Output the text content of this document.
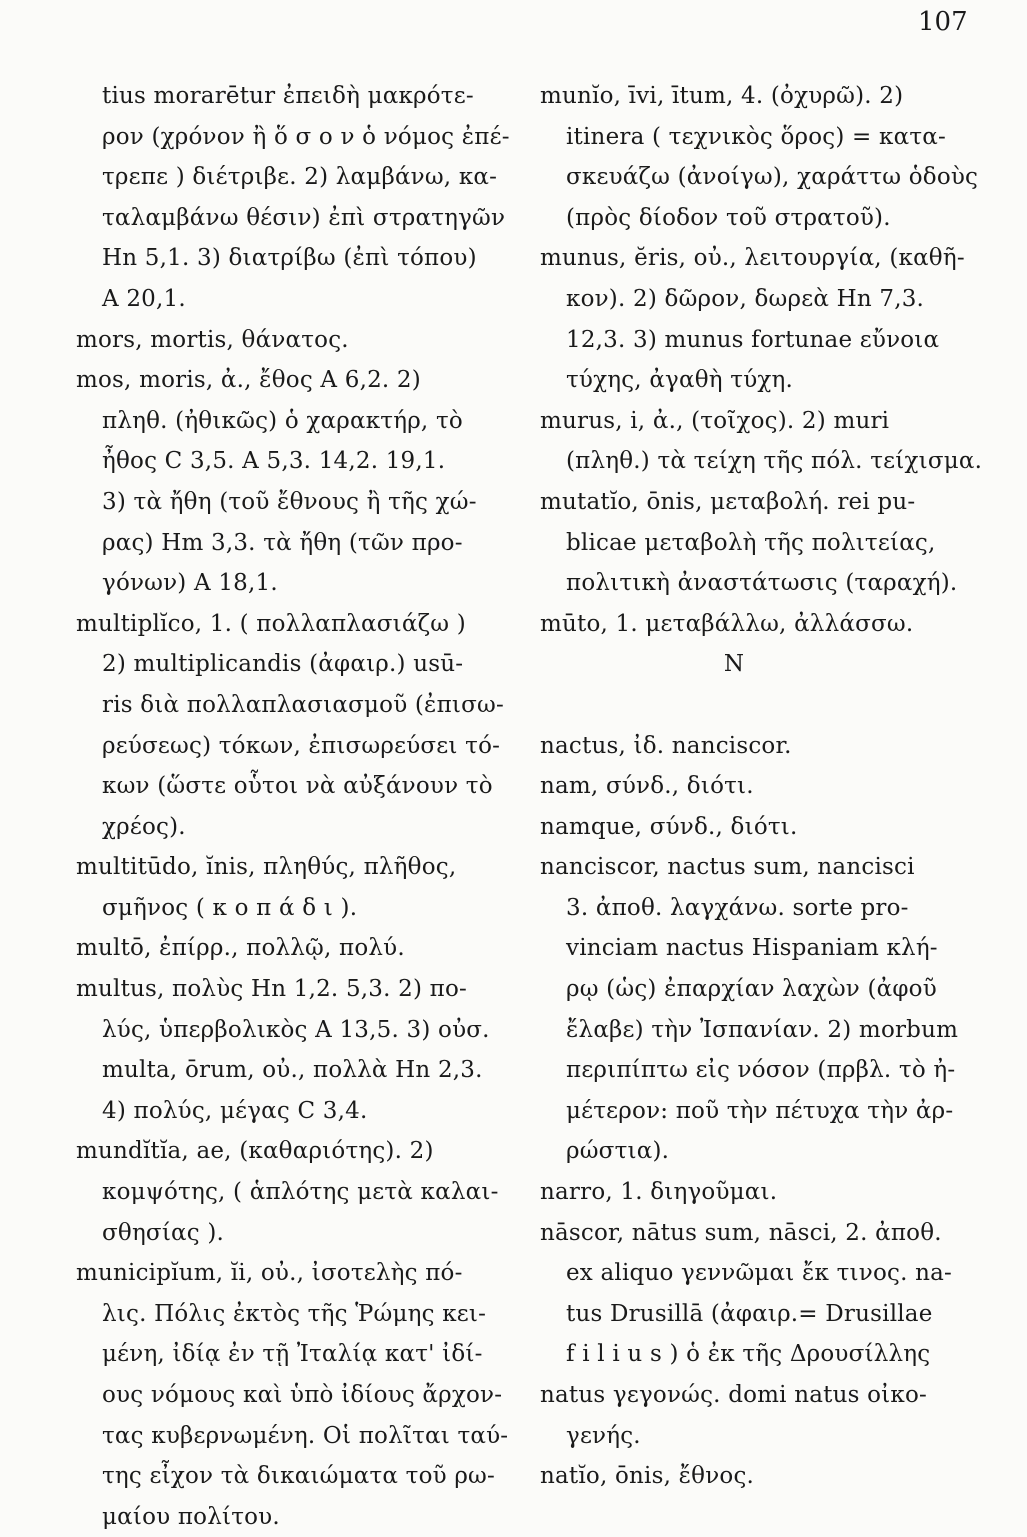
107
tius morarētur ἐπειδὴ μακρότε-
ρον (χρόνον ἢ ὅ σ ο ν ὁ νόμος ἐπέ-
τρεπε ) διέτριβε. 2) λαμβάνω, κα-
ταλαμβάνω θέσιν) ἐπὶ στρατηγῶν
Hn 5,1. 3) διατρίβω (ἐπὶ τόπου)
A 20,1.
mors, mortis, θάνατος.
mos, moris, ἀ., ἔθος A 6,2. 2)
πληθ. (ἠθικῶς) ὁ χαρακτήρ, τὸ
ἦθος C 3,5. A 5,3. 14,2. 19,1.
3) τὰ ἤθη (τοῦ ἔθνους ἢ τῆς χώ-
ρας) Hm 3,3. τὰ ἤθη (τῶν προ-
γόνων) A 18,1.
multiplĭco, 1. ( πολλαπλασιάζω )
2) multiplicandis (ἀφαιρ.) usū-
ris διὰ πολλαπλασιασμοῦ (ἐπισω-
ρεύσεως) τόκων, ἐπισωρεύσει τό-
κων (ὥστε οὗτοι νὰ αὐξάνουν τὸ
χρέος).
multitūdo, ĭnis, πληθύς, πλῆθος,
σμῆνος ( κ ο π ά δ ι ).
multō, ἐπίρρ., πολλῷ, πολύ.
multus, πολὺς Hn 1,2. 5,3. 2) πο-
λύς, ὑπερβολικὸς A 13,5. 3) οὐσ.
multa, ōrum, οὐ., πολλὰ Hn 2,3.
4) πολύς, μέγας C 3,4.
mundĭtĭa, ae, (καθαριότης). 2)
κομψότης, ( ἁπλότης μετὰ καλαι-
σθησίας ).
municipĭum, ĭi, οὐ., ἰσοτελὴς πό-
λις. Πόλις ἐκτὸς τῆς Ῥώμης κει-
μένη, ἰδίᾳ ἐν τῇ Ἰταλίᾳ κατ' ἰδί-
ους νόμους καὶ ὑπὸ ἰδίους ἄρχον-
τας κυβερνωμένη. Οἱ πολῖται ταύ-
της εἶχον τὰ δικαιώματα τοῦ ρω-
μαίου πολίτου.
munĭo, īvi, ītum, 4. (ὀχυρῶ). 2)
itinera ( τεχνικὸς ὅρος) = κατα-
σκευάζω (ἀνοίγω), χαράττω ὁδοὺς
(πρὸς δίοδον τοῦ στρατοῦ).
munus, ĕris, οὐ., λειτουργία, (καθῆ-
κον). 2) δῶρον, δωρεὰ Hn 7,3.
12,3. 3) munus fortunae εὔνοια
τύχης, ἀγαθὴ τύχη.
murus, i, ἀ., (τοῖχος). 2) muri
(πληθ.) τὰ τείχη τῆς πόλ. τείχισμα.
mutatĭo, ōnis, μεταβολή. rei pu-
blicae μεταβολὴ τῆς πολιτείας,
πολιτικὴ ἀναστάτωσις (ταραχή).
mūto, 1. μεταβάλλω, ἀλλάσσω.
N
nactus, ἰδ. nanciscor.
nam, σύνδ., διότι.
namque, σύνδ., διότι.
nanciscor, nactus sum, nancisci
3. ἀποθ. λαγχάνω. sorte pro-
vinciam nactus Hispaniam κλή-
ρῳ (ὡς) ἐπαρχίαν λαχὼν (ἀφοῦ
ἔλαβε) τὴν Ἰσπανίαν. 2) morbum
περιπίπτω εἰς νόσον (πρβλ. τὸ ἠ-
μέτερον: ποῦ τὴν πέτυχα τὴν ἀρ-
ρώστια).
narro, 1. διηγοῦμαι.
nāscor, nātus sum, nāsci, 2. ἀποθ.
ex aliquo γεννῶμαι ἔκ τινος. na-
tus Drusillā (ἀφαιρ.= Drusillae
f i l i u s ) ὁ ἐκ τῆς Δρουσίλλης
natus γεγονώς. domi natus οἰκο-
γενής.
natĭo, ōnis, ἔθνος.
